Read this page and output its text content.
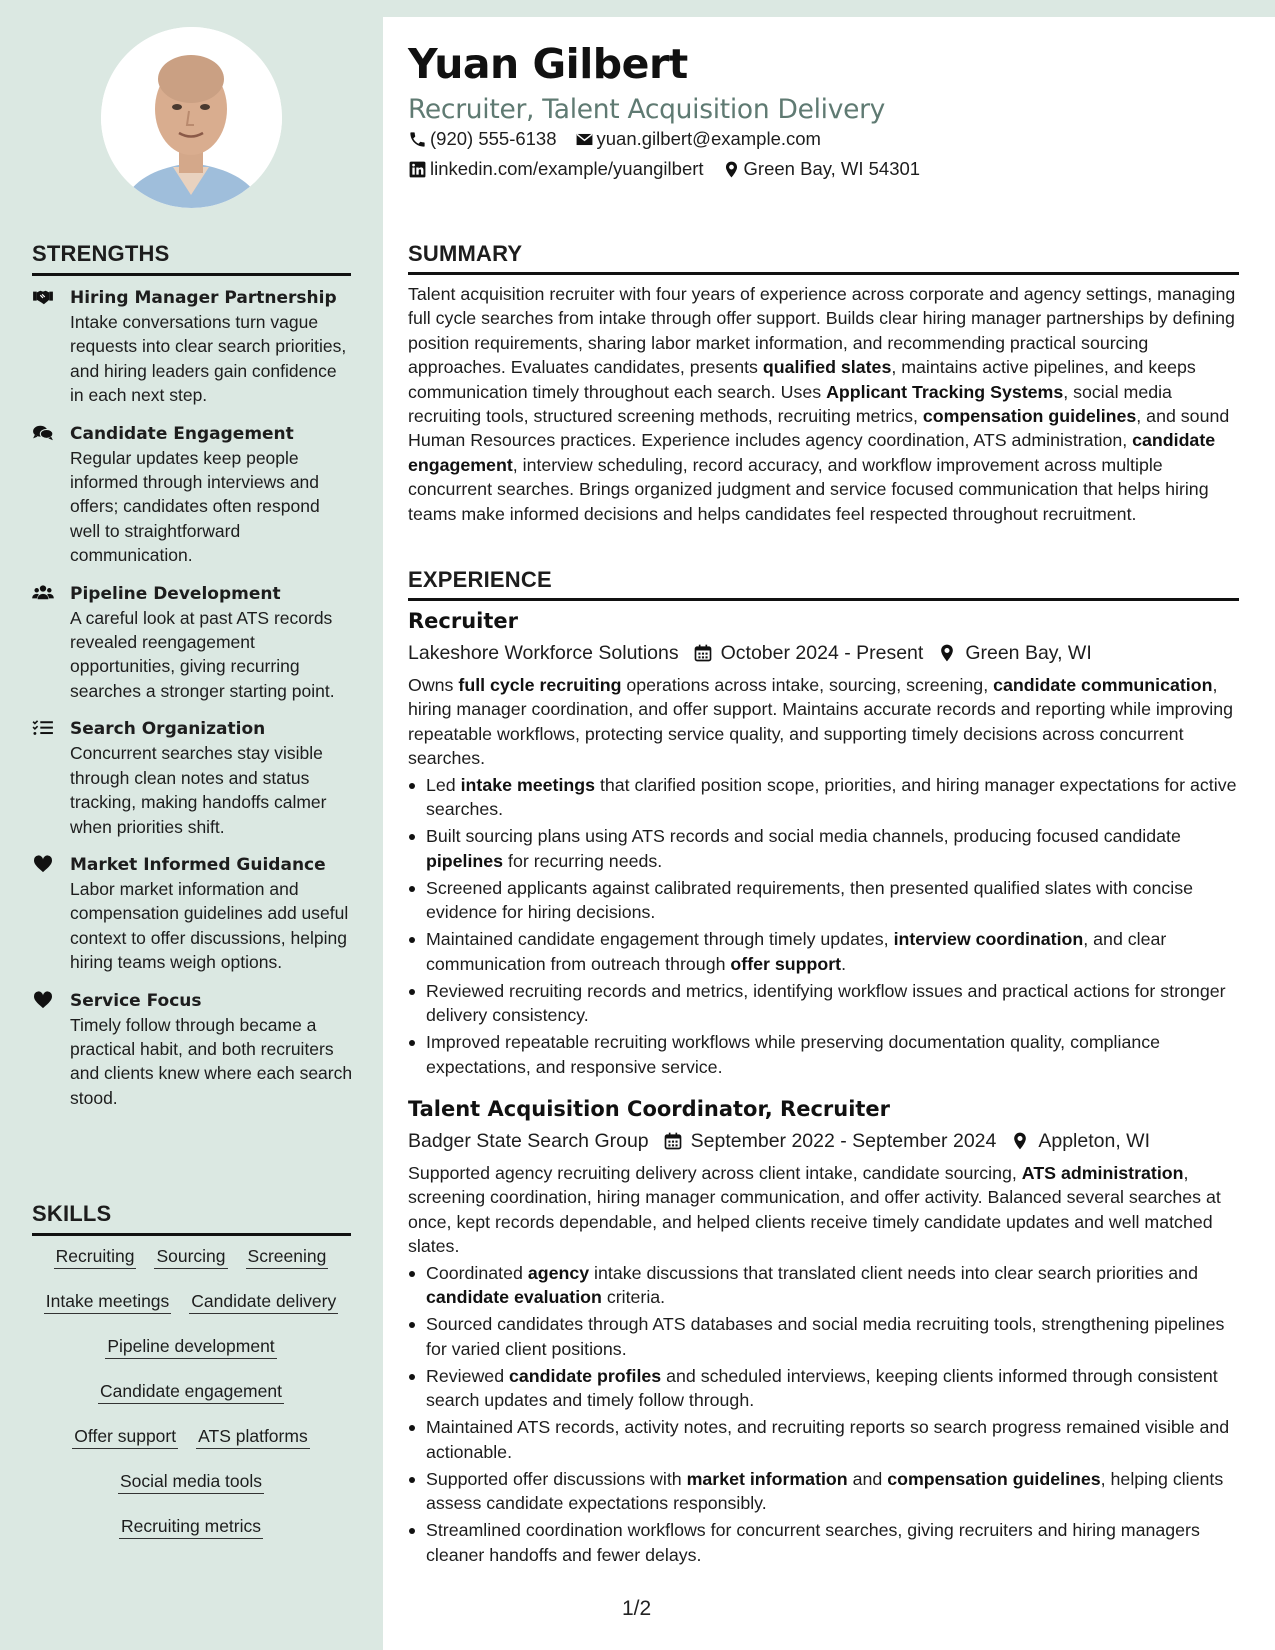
Yuan Gilbert
Recruiter, Talent Acquisition Delivery
(920) 555-6138 yuan.gilbert@example.com
linkedin.com/example/yuangilbert Green Bay, WI 54301
STRENGTHS
Hiring Manager Partnership
Intake conversations turn vague requests into clear search priorities, and hiring leaders gain confidence in each next step.
Candidate Engagement
Regular updates keep people informed through interviews and offers; candidates often respond well to straightforward communication.
Pipeline Development
A careful look at past ATS records revealed reengagement opportunities, giving recurring searches a stronger starting point.
Search Organization
Concurrent searches stay visible through clean notes and status tracking, making handoffs calmer when priorities shift.
Market Informed Guidance
Labor market information and compensation guidelines add useful context to offer discussions, helping hiring teams weigh options.
Service Focus
Timely follow through became a practical habit, and both recruiters and clients knew where each search stood.
SKILLS
Recruiting Sourcing Screening
Intake meetings Candidate delivery
Pipeline development
Candidate engagement
Offer support ATS platforms
Social media tools
Recruiting metrics
SUMMARY
Talent acquisition recruiter with four years of experience across corporate and agency settings, managing full cycle searches from intake through offer support. Builds clear hiring manager partnerships by defining position requirements, sharing labor market information, and recommending practical sourcing approaches. Evaluates candidates, presents qualified slates, maintains active pipelines, and keeps communication timely throughout each search. Uses Applicant Tracking Systems, social media recruiting tools, structured screening methods, recruiting metrics, compensation guidelines, and sound Human Resources practices. Experience includes agency coordination, ATS administration, candidate engagement, interview scheduling, record accuracy, and workflow improvement across multiple concurrent searches. Brings organized judgment and service focused communication that helps hiring teams make informed decisions and helps candidates feel respected throughout recruitment.
EXPERIENCE
Recruiter
Lakeshore Workforce Solutions October 2024 - Present Green Bay, WI
Owns full cycle recruiting operations across intake, sourcing, screening, candidate communication, hiring manager coordination, and offer support. Maintains accurate records and reporting while improving repeatable workflows, protecting service quality, and supporting timely decisions across concurrent searches.
Led intake meetings that clarified position scope, priorities, and hiring manager expectations for active searches.
Built sourcing plans using ATS records and social media channels, producing focused candidate pipelines for recurring needs.
Screened applicants against calibrated requirements, then presented qualified slates with concise evidence for hiring decisions.
Maintained candidate engagement through timely updates, interview coordination, and clear communication from outreach through offer support.
Reviewed recruiting records and metrics, identifying workflow issues and practical actions for stronger delivery consistency.
Improved repeatable recruiting workflows while preserving documentation quality, compliance expectations, and responsive service.
Talent Acquisition Coordinator, Recruiter
Badger State Search Group September 2022 - September 2024 Appleton, WI
Supported agency recruiting delivery across client intake, candidate sourcing, ATS administration, screening coordination, hiring manager communication, and offer activity. Balanced several searches at once, kept records dependable, and helped clients receive timely candidate updates and well matched slates.
Coordinated agency intake discussions that translated client needs into clear search priorities and candidate evaluation criteria.
Sourced candidates through ATS databases and social media recruiting tools, strengthening pipelines for varied client positions.
Reviewed candidate profiles and scheduled interviews, keeping clients informed through consistent search updates and timely follow through.
Maintained ATS records, activity notes, and recruiting reports so search progress remained visible and actionable.
Supported offer discussions with market information and compensation guidelines, helping clients assess candidate expectations responsibly.
Streamlined coordination workflows for concurrent searches, giving recruiters and hiring managers cleaner handoffs and fewer delays.
1/2
